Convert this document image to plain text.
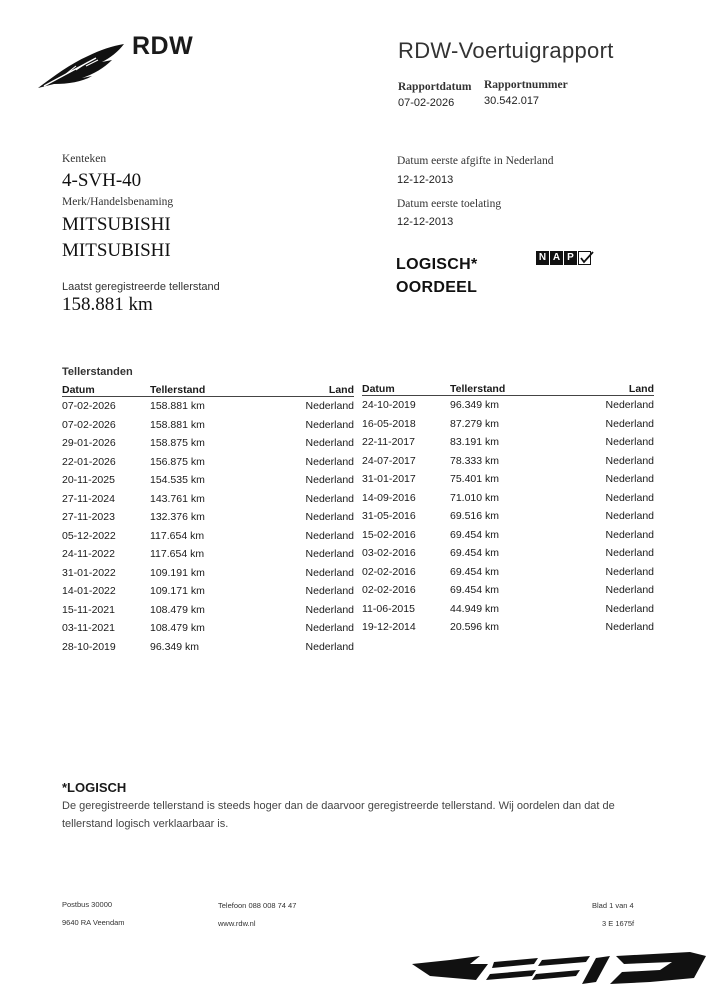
RDW	RDW-Voertuigrapport
Rapportdatum
07-02-2026
Rapportnummer
30.542.017
Kenteken
4-SVH-40
Merk/Handelsbenaming
MITSUBISHI
MITSUBISHI
Laatst geregistreerde tellerstand
158.881 km
Datum eerste afgifte in Nederland
12-12-2013
Datum eerste toelating
12-12-2013
LOGISCH*
OORDEEL
N A P
Tellerstanden
Datum	Tellerstand	Land
07-02-2026	158.881 km	Nederland
07-02-2026	158.881 km	Nederland
29-01-2026	158.875 km	Nederland
22-01-2026	156.875 km	Nederland
20-11-2025	154.535 km	Nederland
27-11-2024	143.761 km	Nederland
27-11-2023	132.376 km	Nederland
05-12-2022	117.654 km	Nederland
24-11-2022	117.654 km	Nederland
31-01-2022	109.191 km	Nederland
14-01-2022	109.171 km	Nederland
15-11-2021	108.479 km	Nederland
03-11-2021	108.479 km	Nederland
28-10-2019	96.349 km	Nederland
Datum	Tellerstand	Land
24-10-2019	96.349 km	Nederland
16-05-2018	87.279 km	Nederland
22-11-2017	83.191 km	Nederland
24-07-2017	78.333 km	Nederland
31-01-2017	75.401 km	Nederland
14-09-2016	71.010 km	Nederland
31-05-2016	69.516 km	Nederland
15-02-2016	69.454 km	Nederland
03-02-2016	69.454 km	Nederland
02-02-2016	69.454 km	Nederland
02-02-2016	69.454 km	Nederland
11-06-2015	44.949 km	Nederland
19-12-2014	20.596 km	Nederland
*LOGISCH
De geregistreerde tellerstand is steeds hoger dan de daarvoor geregistreerde tellerstand. Wij oordelen dan dat de tellerstand logisch verklaarbaar is.
Postbus 30000
9640 RA Veendam
Telefoon 088 008 74 47
www.rdw.nl
Blad 1 van 4
3 E 1675f
